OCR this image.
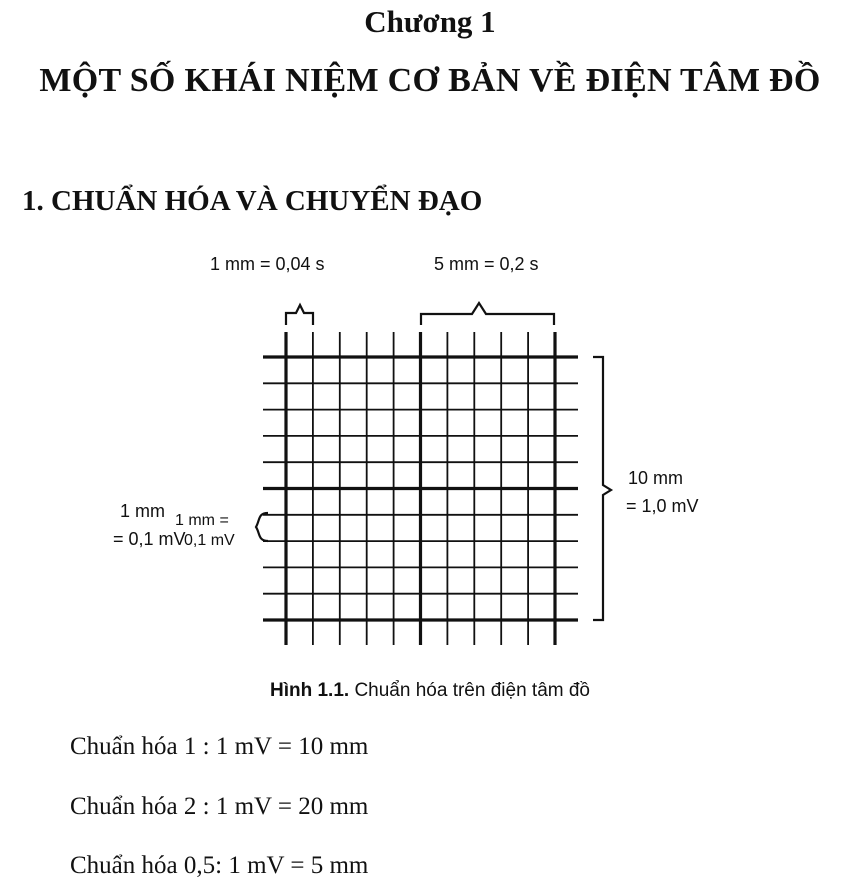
Chương 1
MỘT SỐ KHÁI NIỆM CƠ BẢN VỀ ĐIỆN TÂM ĐỒ
1. CHUẨN HÓA VÀ CHUYỂN ĐẠO
1 mm = 0,04 s	5 mm = 0,2 s
10 mm
= 1,0 mV
1 mm
= 0,1 mV
1 mm =
0,1 mV
Hình 1.1. Chuẩn hóa trên điện tâm đồ
Chuẩn hóa 1 : 1 mV = 10 mm
Chuẩn hóa 2 : 1 mV = 20 mm
Chuẩn hóa 0,5: 1 mV = 5 mm
